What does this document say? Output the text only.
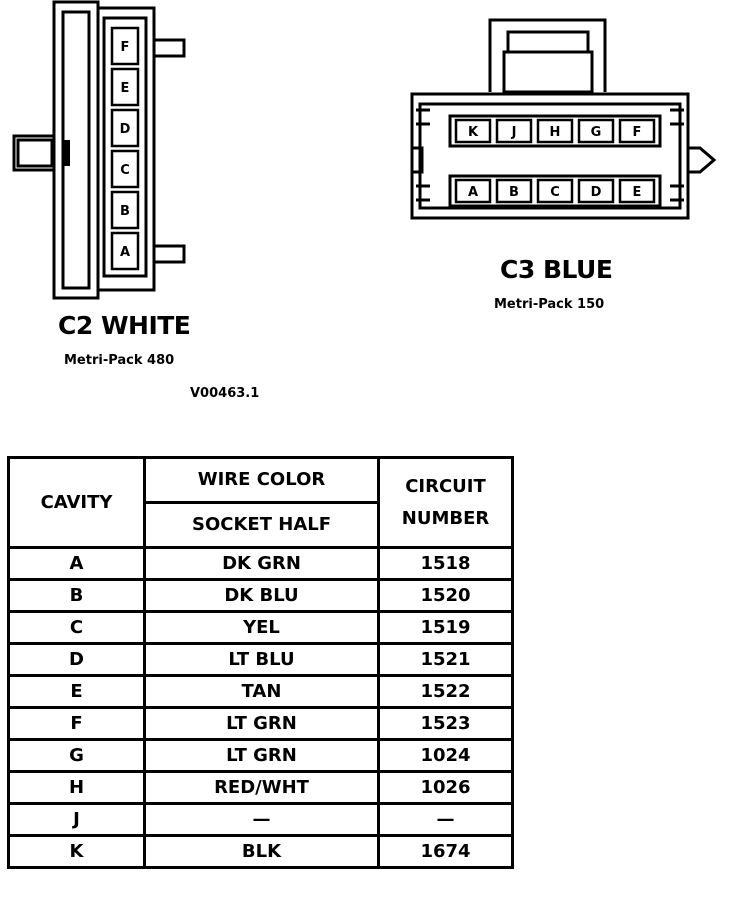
F
E
D
C
B
A
K	J	H G F
A B C D E
C2 WHITE
Metri-Pack 480
V00463.1
C3 BLUE
Metri-Pack 150
CAVITY	WIRE COLOR	CIRCUIT
NUMBER

	SOCKET HALF	
A	DK GRN	1518
B	DK BLU	1520
C	YEL	1519
D	LT BLU	1521
E	TAN	1522
F	LT GRN	1523
G	LT GRN	1024
H	RED/WHT	1026
J	—	—
K	BLK	1674
